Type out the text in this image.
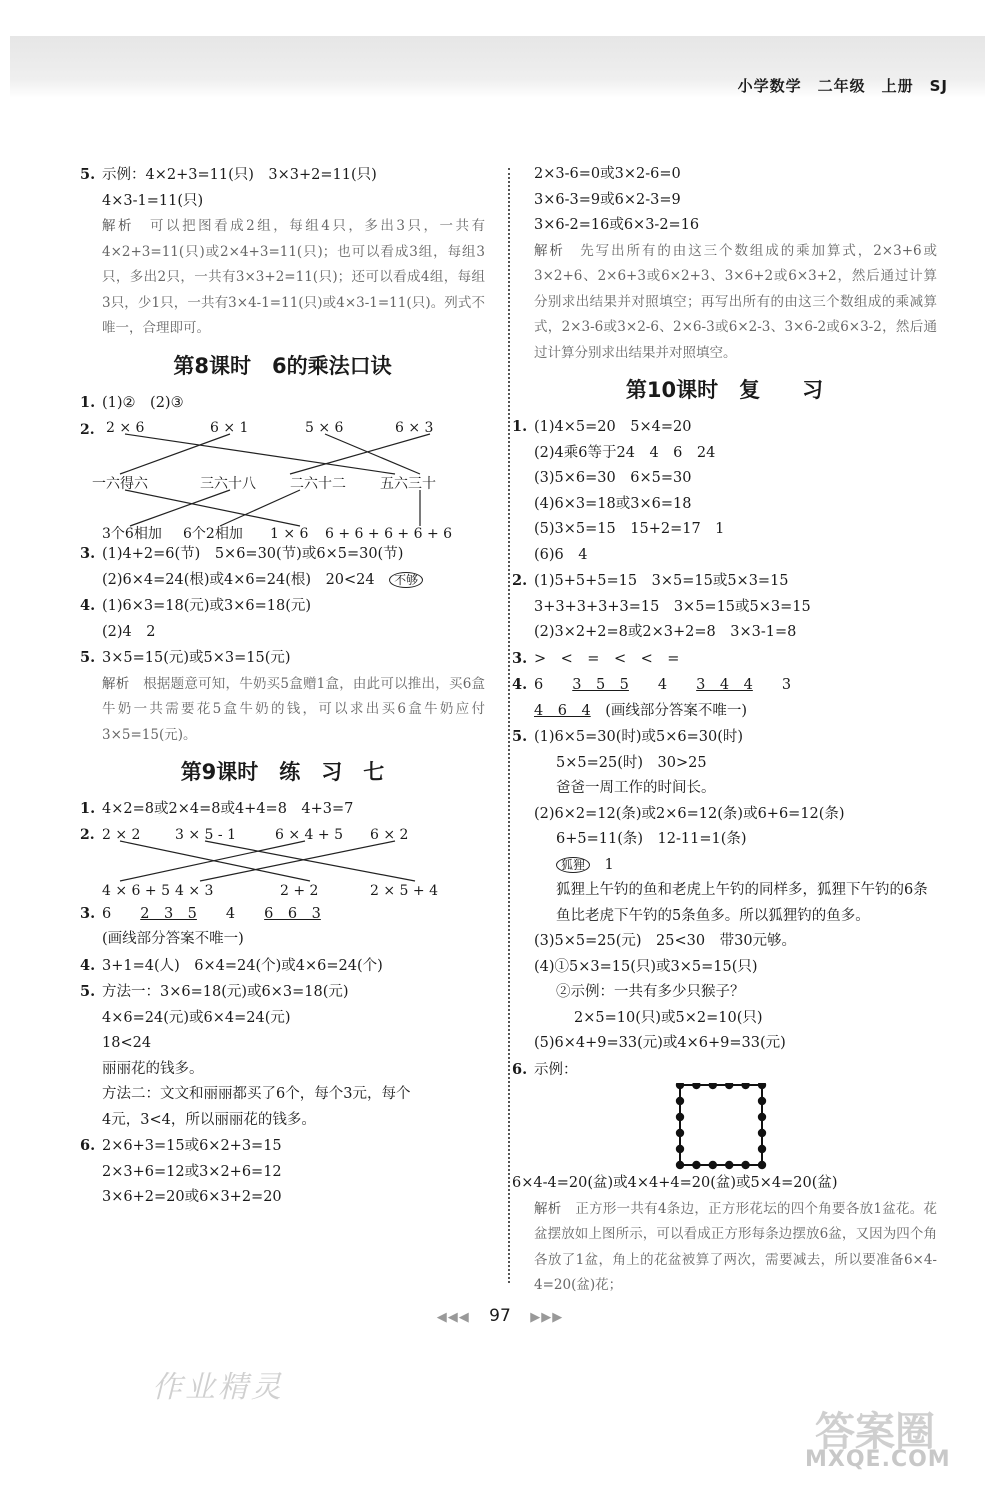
小学数学 二年级 上册 SJ
5. 示例：4×2+3=11(只)　3×3+2=11(只)
4×3-1=11(只)
解析　 可以把图看成2组，每组4只，多出3只，一共有4×2+3=11(只)或2×4+3=11(只)；也可以看成3组，每组3只，多出2只，一共有3×3+2=11(只)；还可以看成4组，每组3只，少1只，一共有3×4-1=11(只)或4×3-1=11(只)。列式不唯一，合理即可。
第8课时　6的乘法口诀
1. (1)②　(2)③
2. 2 × 6	6 × 1	5 × 6	6 × 3
一六得六	三六十八 二六十二 五六三十
3个6相加 6个2相加 1 × 6 6 + 6 + 6 + 6 + 6
3. (1)4+2=6(节)　5×6=30(节)或6×5=30(节)
(2)6×4=24(根)或4×6=24(根)　20<24　 不够
4. (1)6×3=18(元)或3×6=18(元)
(2)4　2
5. 3×5=15(元)或5×3=15(元)
解析　 根据题意可知，牛奶买5盒赠1盒，由此可以推出，买6盒牛奶一共需要花5盒牛奶的钱，可以求出买6盒牛奶应付3×5=15(元)。
第9课时　练　习　七
1. 4×2=8或2×4=8或4+4=8　4+3=7
2. 2 × 2 3 × 5 - 1	6 × 4 + 5 6 × 2
4 × 6 + 5 4 × 3	2 + 2	2 × 5 + 4
3. 6　　 2　3　5　　 4　　 6　6　3
(画线部分答案不唯一)
4. 3+1=4(人)　6×4=24(个)或4×6=24(个)
5. 方法一：3×6=18(元)或6×3=18(元)
4×6=24(元)或6×4=24(元)
18<24
丽丽花的钱多。
方法二：文文和丽丽都买了6个，每个3元，每个
4元，3<4，所以丽丽花的钱多。
6. 2×6+3=15或6×2+3=15
2×3+6=12或3×2+6=12
3×6+2=20或6×3+2=20
2×3-6=0或3×2-6=0
3×6-3=9或6×2-3=9
3×6-2=16或6×3-2=16
解析　 先写出所有的由这三个数组成的乘加算式，2×3+6或3×2+6、2×6+3或6×2+3、3×6+2或6×3+2，然后通过计算分别求出结果并对照填空；再写出所有的由这三个数组成的乘减算式，2×3-6或3×2-6、2×6-3或6×2-3、3×6-2或6×3-2，然后通过计算分别求出结果并对照填空。
第10课时　复　　习
1. (1)4×5=20　5×4=20
(2)4乘6等于24　4　6　24
(3)5×6=30　6×5=30
(4)6×3=18或3×6=18
(5)3×5=15　15+2=17　1
(6)6　4
2. (1)5+5+5=15　3×5=15或5×3=15
3+3+3+3+3=15　3×5=15或5×3=15
(2)3×2+2=8或2×3+2=8　3×3-1=8
3. >　<　=　<　<　=
4. 6　　 3　5　5　　 4　　 3　4　4　　 3
4　6　4　 (画线部分答案不唯一)
5. (1)6×5=30(时)或5×6=30(时)
5×5=25(时)　30>25
爸爸一周工作的时间长。
(2)6×2=12(条)或2×6=12(条)或6+6=12(条)
6+5=11(条)　12-11=1(条)
狐狸　 1
狐狸上午钓的鱼和老虎上午钓的同样多，狐狸下午钓的6条鱼比老虎下午钓的5条鱼多。所以狐狸钓的鱼多。
(3)5×5=25(元)　25<30　带30元够。
(4)①5×3=15(只)或3×5=15(只)
②示例：一共有多少只猴子？
2×5=10(只)或5×2=10(只)
(5)6×4+9=33(元)或4×6+9=33(元)
6. 示例：
6×4-4=20(盆)或4×4+4=20(盆)或5×4=20(盆)
解析　 正方形一共有4条边，正方形花坛的四个角要各放1盆花。花盆摆放如上图所示，可以看成正方形每条边摆放6盆，又因为四个角各放了1盆，角上的花盆被算了两次，需要减去，所以要准备6×4-4=20(盆)花；
◀◀◀ 97 ▶▶▶
作业精灵
答案圈
MXQE.COM
